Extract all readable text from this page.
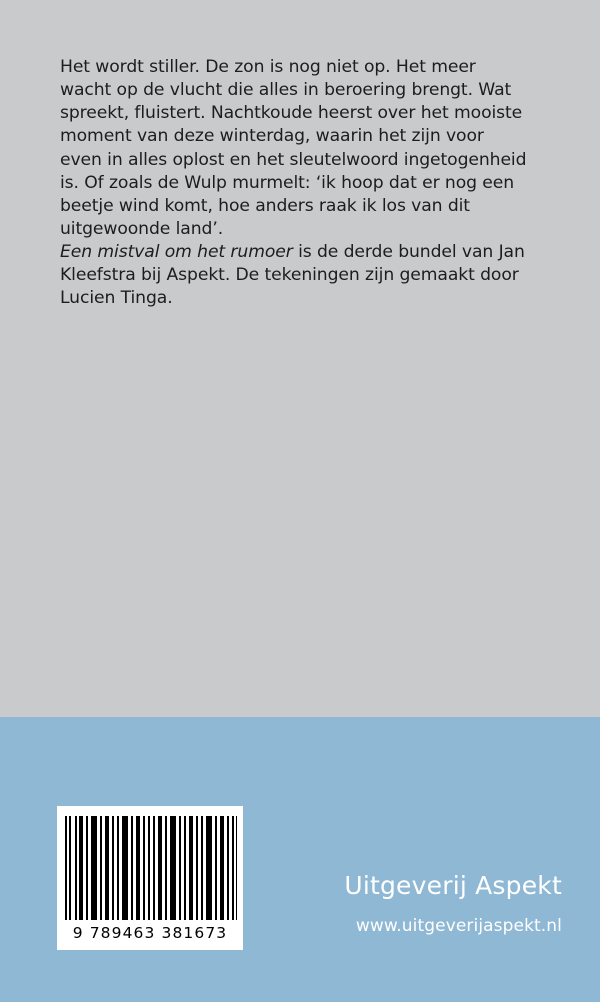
Het wordt stiller. De zon is nog niet op. Het meer wacht op de vlucht die alles in beroering brengt. Wat spreekt, fluistert. Nachtkoude heerst over het mooiste moment van deze winterdag, waarin het zijn voor even in alles oplost en het sleutelwoord ingetogenheid is. Of zoals de Wulp murmelt: ‘ik hoop dat er nog een beetje wind komt, hoe anders raak ik los van dit uitgewoonde land’.

Een mistval om het rumoer is de derde bundel van Jan Kleefstra bij Aspekt. De tekeningen zijn gemaakt door Lucien Tinga.

9 789463 381673
Uitgeverij Aspekt
www.uitgeverijaspekt.nl
